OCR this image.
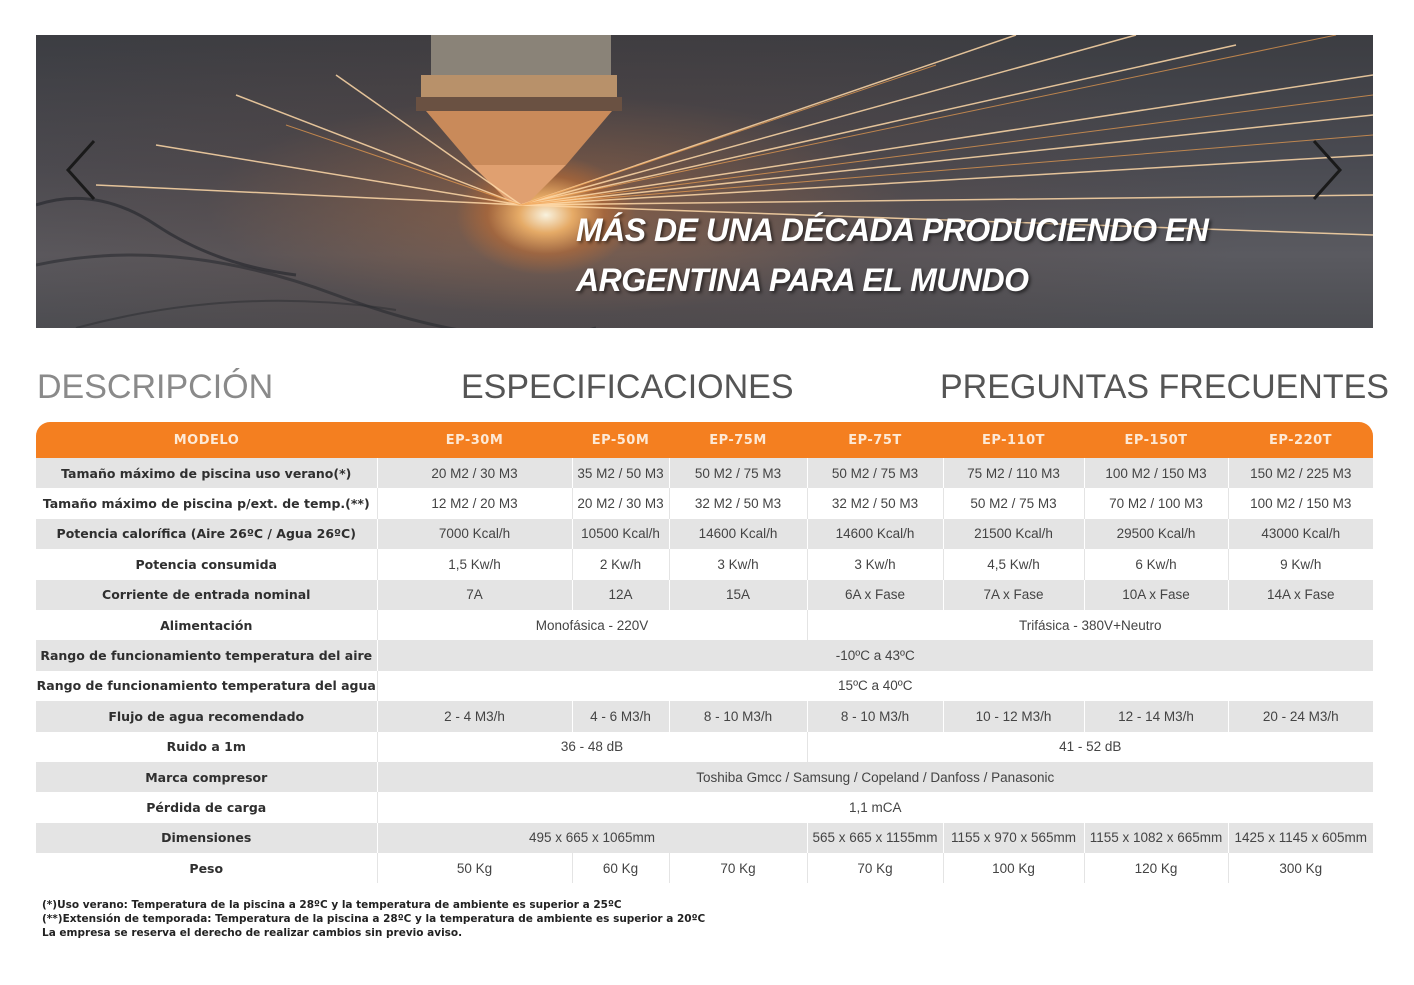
MÁS DE UNA DÉCADA PRODUCIENDO EN
ARGENTINA PARA EL MUNDO
DESCRIPCIÓN	ESPECIFICACIONES	PREGUNTAS FRECUENTES
MODELO	EP-30M	EP-50M	EP-75M	EP-75T	EP-110T	EP-150T	EP-220T
Tamaño máximo de piscina uso verano(*)	20 M2 / 30 M3	35 M2 / 50 M3	50 M2 / 75 M3	50 M2 / 75 M3	75 M2 / 110 M3	100 M2 / 150 M3	150 M2 / 225 M3
Tamaño máximo de piscina p/ext. de temp.(**)	12 M2 / 20 M3	20 M2 / 30 M3	32 M2 / 50 M3	32 M2 / 50 M3	50 M2 / 75 M3	70 M2 / 100 M3	100 M2 / 150 M3
Potencia calorífica (Aire 26ºC / Agua 26ºC)	7000 Kcal/h	10500 Kcal/h	14600 Kcal/h	14600 Kcal/h	21500 Kcal/h	29500 Kcal/h	43000 Kcal/h
Potencia consumida	1,5 Kw/h	2 Kw/h	3 Kw/h	3 Kw/h	4,5 Kw/h	6 Kw/h	9 Kw/h
Corriente de entrada nominal	7A	12A	15A	6A x Fase	7A x Fase	10A x Fase	14A x Fase
Alimentación	Monofásica - 220V			Trifásica - 380V+Neutro			
Rango de funcionamiento temperatura del aire	-10ºC a 43ºC						
Rango de funcionamiento temperatura del agua	15ºC a 40ºC						
Flujo de agua recomendado	2 - 4 M3/h	4 - 6 M3/h	8 - 10 M3/h	8 - 10 M3/h	10 - 12 M3/h	12 - 14 M3/h	20 - 24 M3/h
Ruido a 1m	36 - 48 dB			41 - 52 dB			
Marca compresor	Toshiba Gmcc / Samsung / Copeland / Danfoss / Panasonic						
Pérdida de carga	1,1 mCA						
Dimensiones	495 x 665 x 1065mm			565 x 665 x 1155mm	1155 x 970 x 565mm	1155 x 1082 x 665mm	1425 x 1145 x 605mm
Peso	50 Kg	60 Kg	70 Kg	70 Kg	100 Kg	120 Kg	300 Kg
(*)Uso verano: Temperatura de la piscina a 28ºC y la temperatura de ambiente es superior a 25ºC
(**)Extensión de temporada: Temperatura de la piscina a 28ºC y la temperatura de ambiente es superior a 20ºC
La empresa se reserva el derecho de realizar cambios sin previo aviso.
